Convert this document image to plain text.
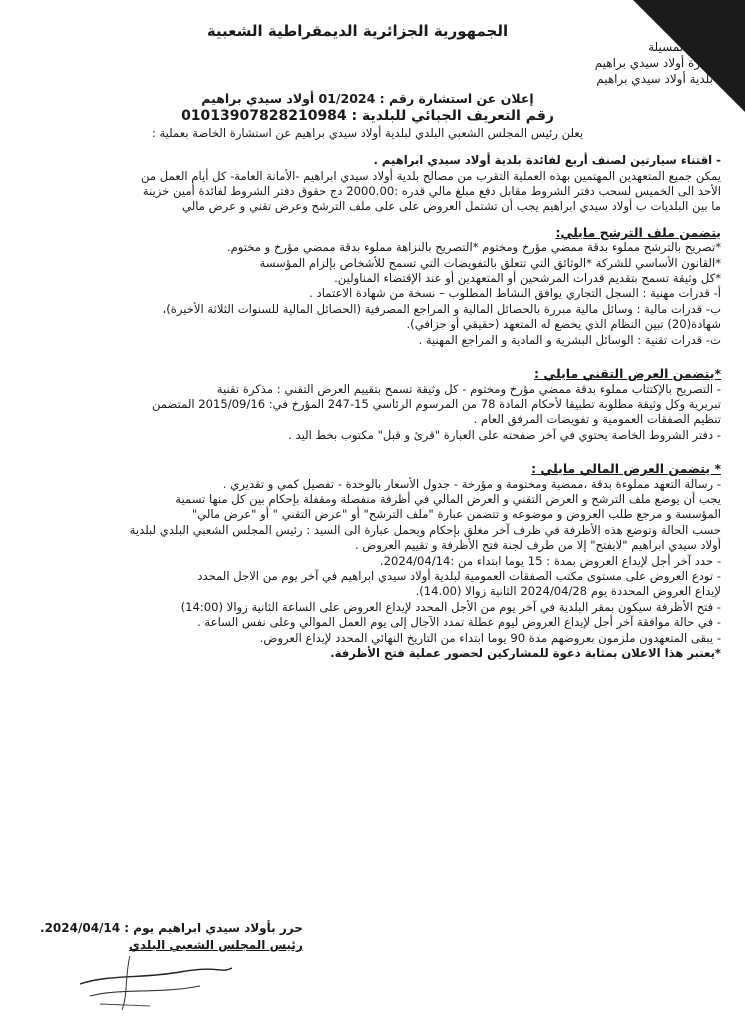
الجمهورية الجزائرية الديمقراطية الشعبية
ولاية المسيلة
دائرة أولاد سيدي براهيم
بلدية أولاد سيدي براهيم
إعلان عن استشارة رقم : 01/2024 أولاد سيدي براهيم
رقم التعريف الجبائي للبلدية : 01013907828210984
يعلن رئيس المجلس الشعبي البلدي لبلدية أولاد سيدي براهيم عن استشارة الخاصة بعملية :

- اقتناء سيارتين لصنف أربع لفائدة بلدية أولاد سيدي ابراهيم .

يمكن جميع المتعهدين المهتمين بهذه العملية التقرب من مصالح بلدية أولاد سيدي ابراهيم -الأمانة العامة- كل أيام العمل من

الأحد الى الخميس لسحب دفتر الشروط مقابل دفع مبلغ مالي قدره :2000.00 دج حقوق دفتر الشروط لفائدة أمين خزينة

ما بين البلديات ب أولاد سيدي ابراهيم يجب أن تشتمل العروض على على ملف الترشح وعرض تقني و عرض مالي

يتضمن ملف الترشح مايلي:

*تصريح بالترشح مملوء بدقة ممضي مؤرخ ومختوم *التصريح بالنزاهة مملوء بدقة ممضي مؤرخ و مختوم.

*القانون الأساسي للشركة *الوثائق التي تتعلق بالتفويضات التي تسمح للأشخاص بإلزام المؤسسة

*كل وثيقة تسمح بتقديم قدرات المرشحين أو المتعهدين أو عند الإقتضاء المناولين.

أ- قدرات مهنية : السجل التجاري يوافق النشاط المطلوب – نسخة من شهادة الاعتماد .

ب- قدرات مالية : وسائل مالية مبررة بالحصائل المالية و المراجع المصرفية (الحصائل المالية للسنوات الثلاثة الأخيرة)،

شهادة(20) تبين النظام الذي يخضع له المتعهد (حقيقي أو جزافي).

ت- قدرات تقنية : الوسائل البشرية و المادية و المراجع المهنية .

*يتضمن العرض التقني مايلي :

- التصريح بالإكتتاب مملوء بدقة ممضي مؤرخ ومختوم - كل وثيقة تسمح بتقييم العرض التقني : مذكرة تقنية

تبريرية وكل وثيقة مطلوبة تطبيقا لأحكام المادة 78 من المرسوم الرئاسي 15-247 المؤرخ في: 2015/09/16 المتضمن

تنظيم الصفقات العمومية و تفويضات المرفق العام .

- دفتر الشروط الخاصة يحتوي في آخر صفحته على العبارة "قرئ و قبل" مكتوب بخط اليد .

* يتضمن العرض المالي مايلي :

- رسالة التعهد مملوءة بدقة ،ممضية ومختومة و مؤرخة - جدول الأسعار بالوحدة - تفصيل كمي و تقديري .

يجب أن يوضع ملف الترشح و العرض التقني و العرض المالي في أظرفة منفصلة ومقفلة بإحكام بين كل منها تسمية

المؤسسة و مرجع طلب العروض و موضوعه و تتضمن عبارة "ملف الترشح" أو "عرض التقني " أو "عرض مالي"

حسب الحالة وتوضع هذه الأظرفة في ظرف آخر مغلق بإحكام ويحمل عبارة الى السيد : رئيس المجلس الشعبي البلدي لبلدية

أولاد سيدي ابراهيم "لايفتح" إلا من طرف لجنة فتح الأظرفة و تقييم العروض .

- حدد آخر أجل لإيداع العروض بمدة : 15 يوما ابتداء من :2024/04/14.

- تودع العروض على مستوى مكتب الصفقات العمومية لبلدية أولاد سيدي ابراهيم في آخر يوم من الاجل المحدد

لإيداع العروض المحددة يوم 2024/04/28 الثانية زوالا (14.00).

- فتح الأظرفة سيكون بمقر البلدية في آخر يوم من الأجل المحدد لإيداع العروض على الساعة الثانية زوالا (14:00)

- في حالة موافقة آخر أجل لإيداع العروض ليوم عطلة تمدد الآجال إلى يوم العمل الموالي وعلى نفس الساعة .

- يبقى المتعهدون ملزمون بعروضهم مدة 90 يوما ابتداء من التاريخ النهائي المحدد لإيداع العروض.

*يعتبر هذا الاعلان بمثابة دعوة للمشاركين لحضور عملية فتح الأظرفة.

حرر بأولاد سيدي ابراهيم يوم : 2024/04/14.
رئيس المجلس الشعبي البلدي
